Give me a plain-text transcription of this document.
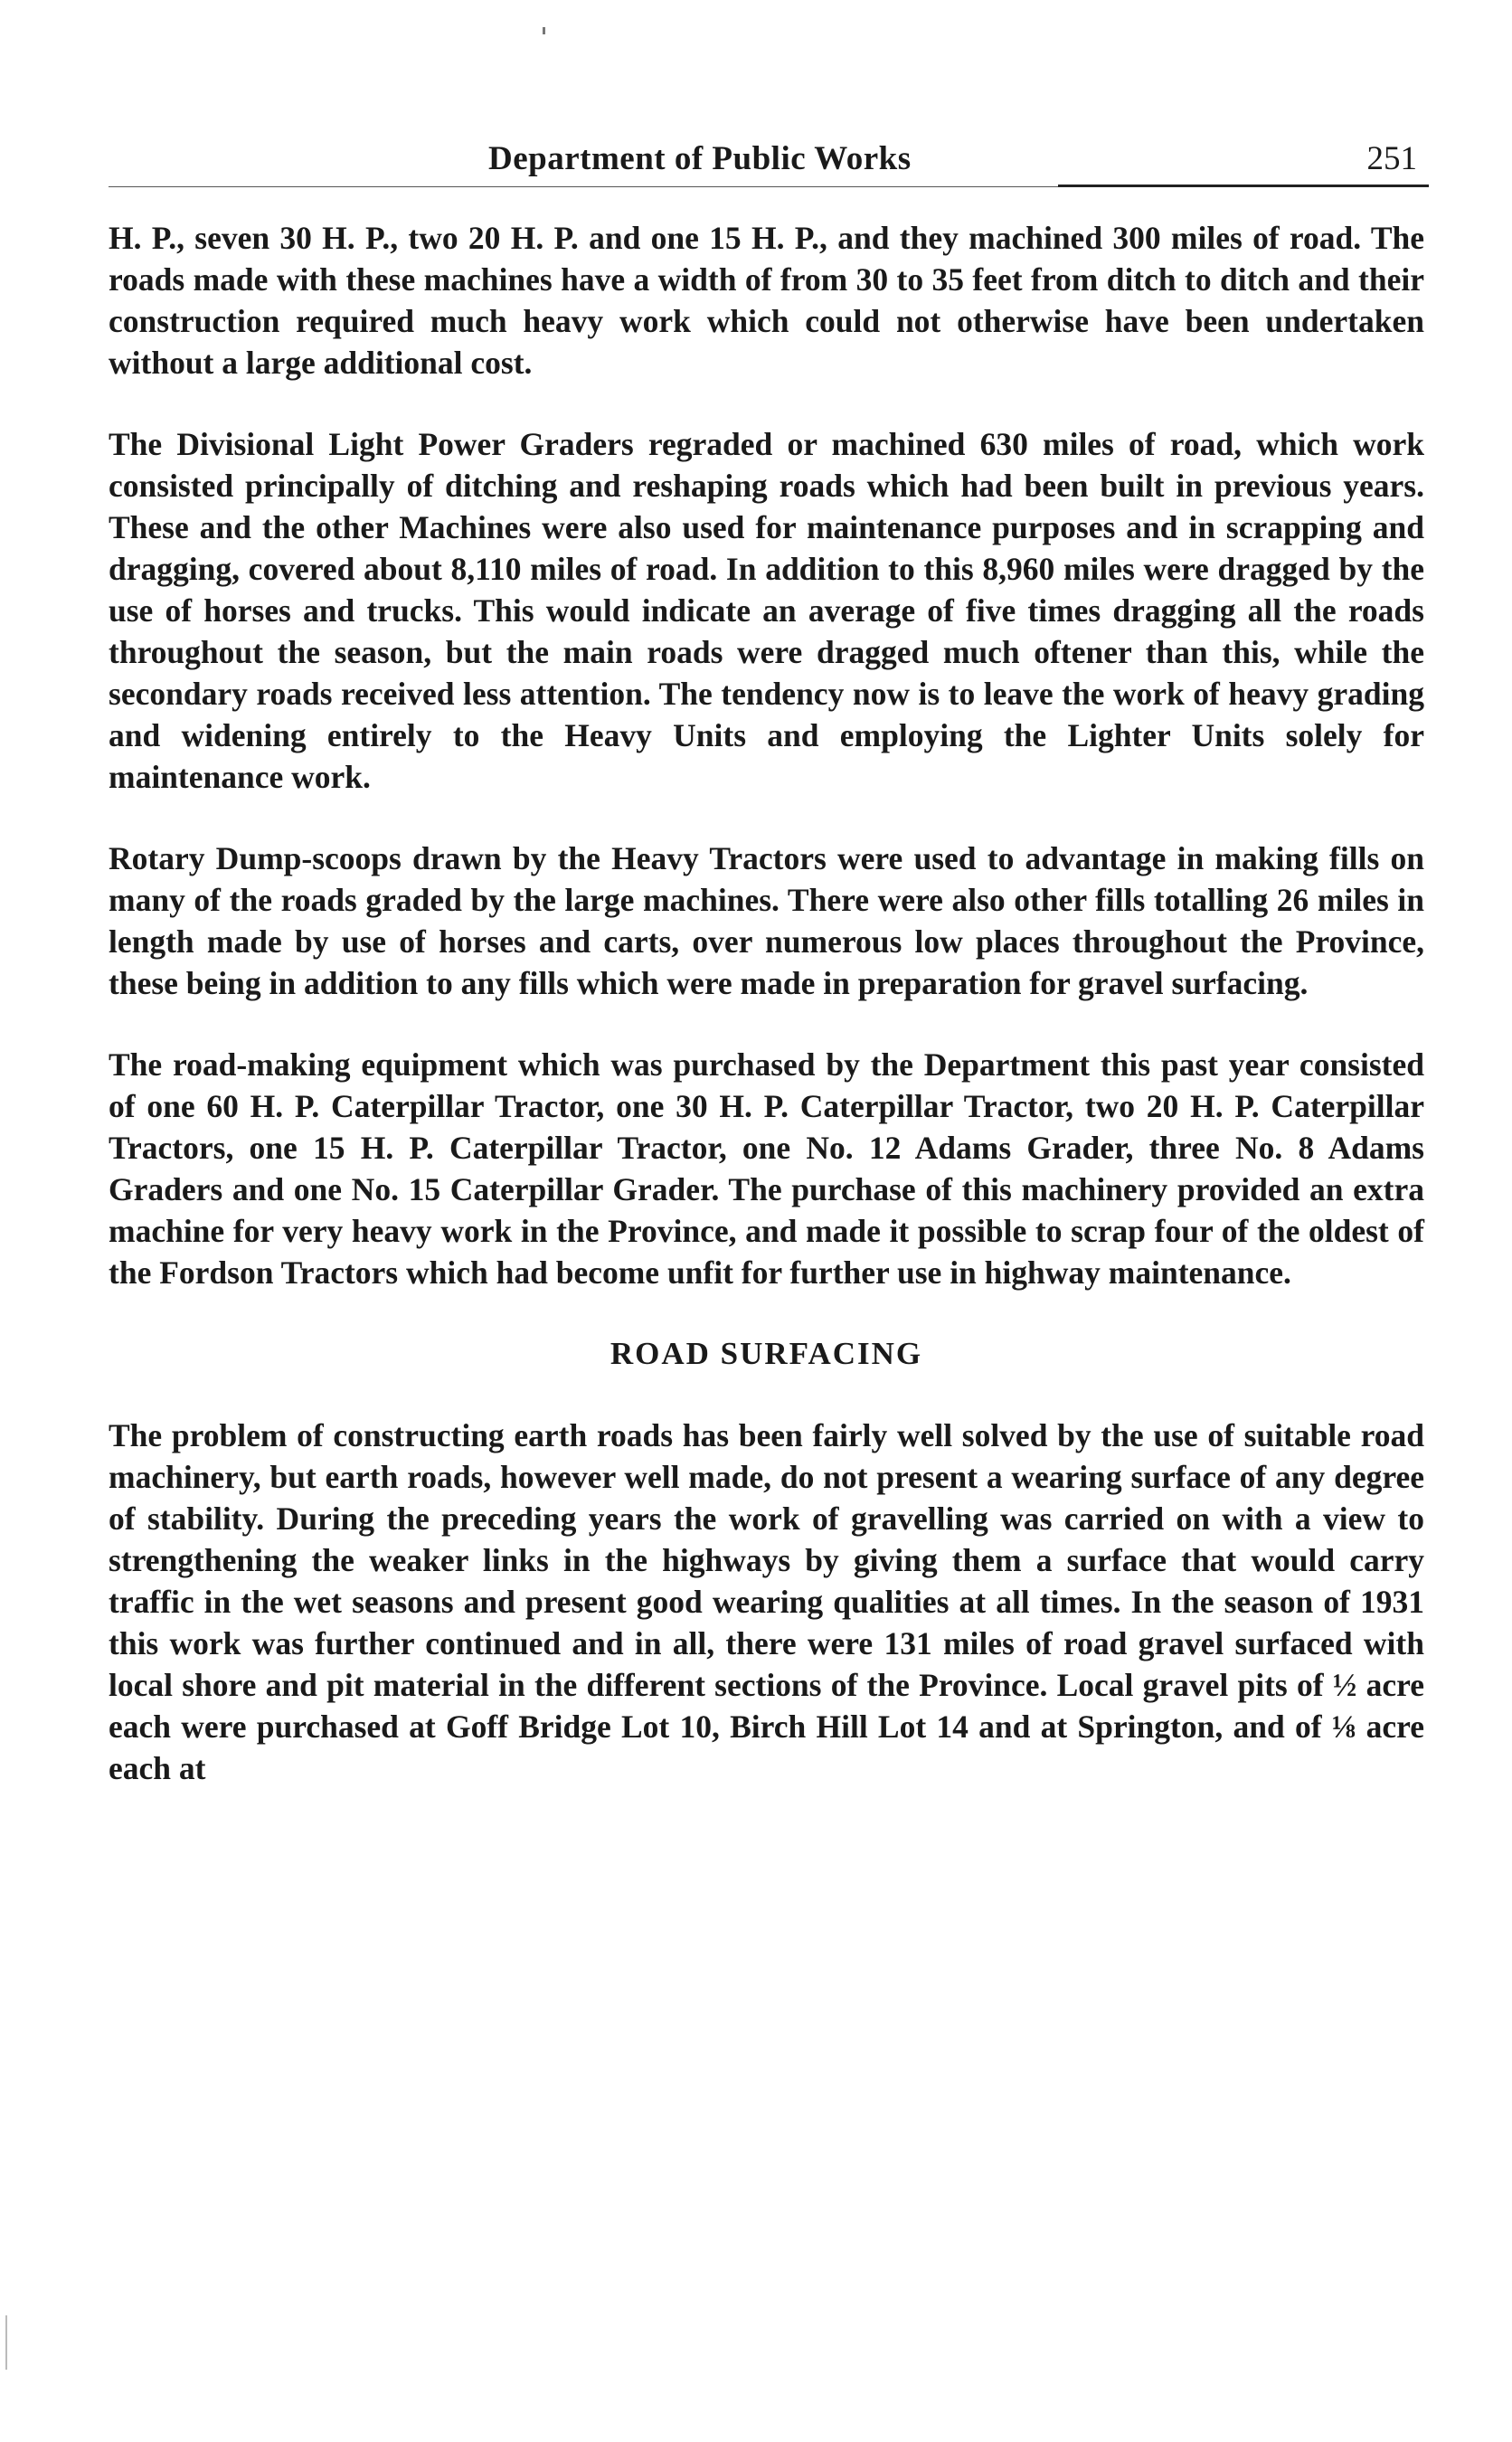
Department of Public Works	251

H. P., seven 30 H. P., two 20 H. P. and one 15 H. P., and they machined 300 miles of road. The roads made with these machines have a width of from 30 to 35 feet from ditch to ditch and their construction required much heavy work which could not otherwise have been undertaken without a large additional cost.

The Divisional Light Power Graders regraded or machined 630 miles of road, which work consisted principally of ditching and reshaping roads which had been built in previous years. These and the other Machines were also used for maintenance purposes and in scrapping and dragging, covered about 8,110 miles of road. In addition to this 8,960 miles were dragged by the use of horses and trucks. This would indicate an average of five times dragging all the roads throughout the season, but the main roads were dragged much oftener than this, while the secondary roads received less attention. The tendency now is to leave the work of heavy grading and widening entirely to the Heavy Units and employing the Lighter Units solely for maintenance work.

Rotary Dump-scoops drawn by the Heavy Tractors were used to advantage in making fills on many of the roads graded by the large machines. There were also other fills totalling 26 miles in length made by use of horses and carts, over numerous low places throughout the Province, these being in addition to any fills which were made in preparation for gravel surfacing.

The road-making equipment which was purchased by the Department this past year consisted of one 60 H. P. Caterpillar Tractor, one 30 H. P. Caterpillar Tractor, two 20 H. P. Caterpillar Tractors, one 15 H. P. Caterpillar Tractor, one No. 12 Adams Grader, three No. 8 Adams Graders and one No. 15 Caterpillar Grader. The purchase of this machinery provided an extra machine for very heavy work in the Province, and made it possible to scrap four of the oldest of the Fordson Tractors which had become unfit for further use in highway maintenance.

ROAD SURFACING

The problem of constructing earth roads has been fairly well solved by the use of suitable road machinery, but earth roads, however well made, do not present a wearing surface of any degree of stability. During the preceding years the work of gravelling was carried on with a view to strengthening the weaker links in the highways by giving them a surface that would carry traffic in the wet seasons and present good wearing qualities at all times. In the season of 1931 this work was further continued and in all, there were 131 miles of road gravel surfaced with local shore and pit material in the different sections of the Province. Local gravel pits of ½ acre each were purchased at Goff Bridge Lot 10, Birch Hill Lot 14 and at Springton, and of ⅛ acre each at
